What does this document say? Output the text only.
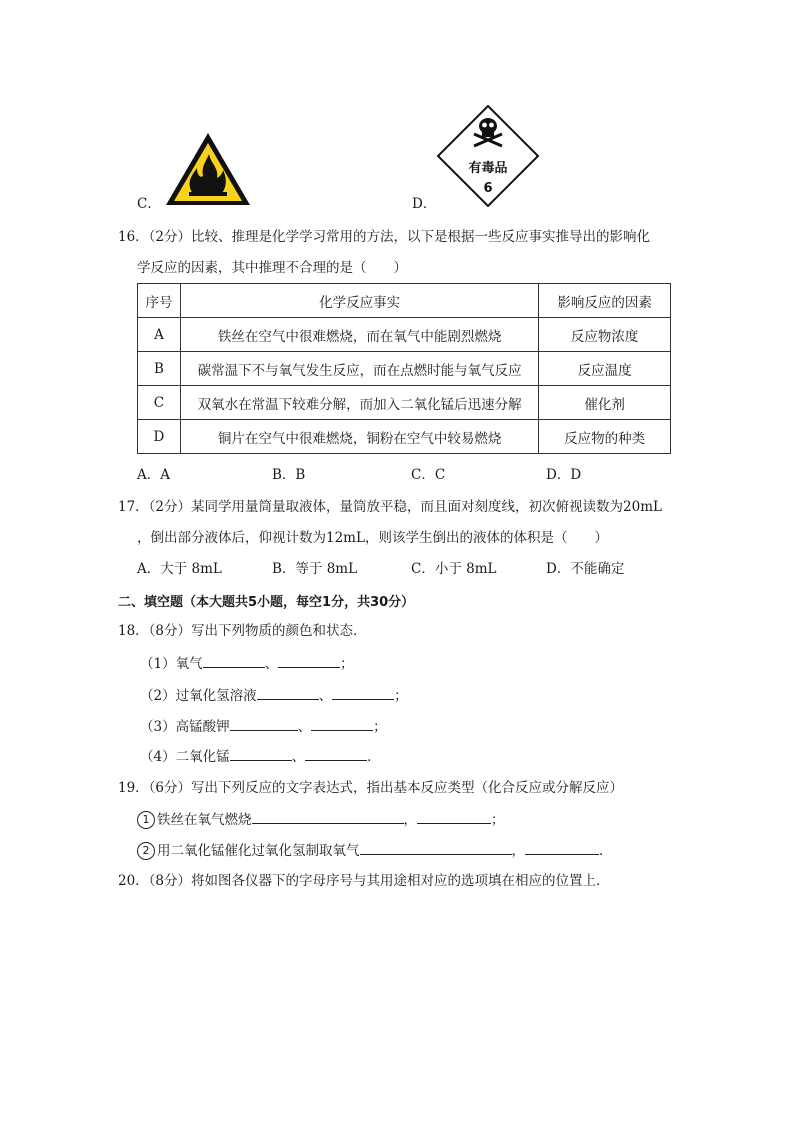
C．	D．
有毒品
6
16．（2分）比较、推理是化学学习常用的方法，以下是根据一些反应事实推导出的影响化
学反应的因素，其中推理不合理的是（　　）
序号	化学反应事实	影响反应的因素
A	铁丝在空气中很难燃烧，而在氧气中能剧烈燃烧	反应物浓度
B	碳常温下不与氧气发生反应，而在点燃时能与氧气反应	反应温度
C	双氧水在常温下较难分解，而加入二氧化锰后迅速分解	催化剂
D	铜片在空气中很难燃烧，铜粉在空气中较易燃烧	反应物的种类
A．A	B．B	C．C	D．D
17．（2分）某同学用量筒量取液体，量筒放平稳，而且面对刻度线，初次俯视读数为20mL
，倒出部分液体后，仰视计数为12mL，则该学生倒出的液体的体积是（　　）
A．大于 8mL	B．等于 8mL	C．小于 8mL	D．不能确定
二、填空题（本大题共5小题，每空1分，共30分）
18．（8分）写出下列物质的颜色和状态．
（1）氧气	、	；
（2）过氧化氢溶液	、	；
（3）高锰酸钾	、	；
（4）二氧化锰	、	．
19．（6分）写出下列反应的文字表达式，指出基本反应类型（化合反应或分解反应）
1 铁丝在氧气燃烧	，	；
2 用二氧化锰催化过氧化氢制取氧气	，	．
20．（8分）将如图各仪器下的字母序号与其用途相对应的选项填在相应的位置上．
